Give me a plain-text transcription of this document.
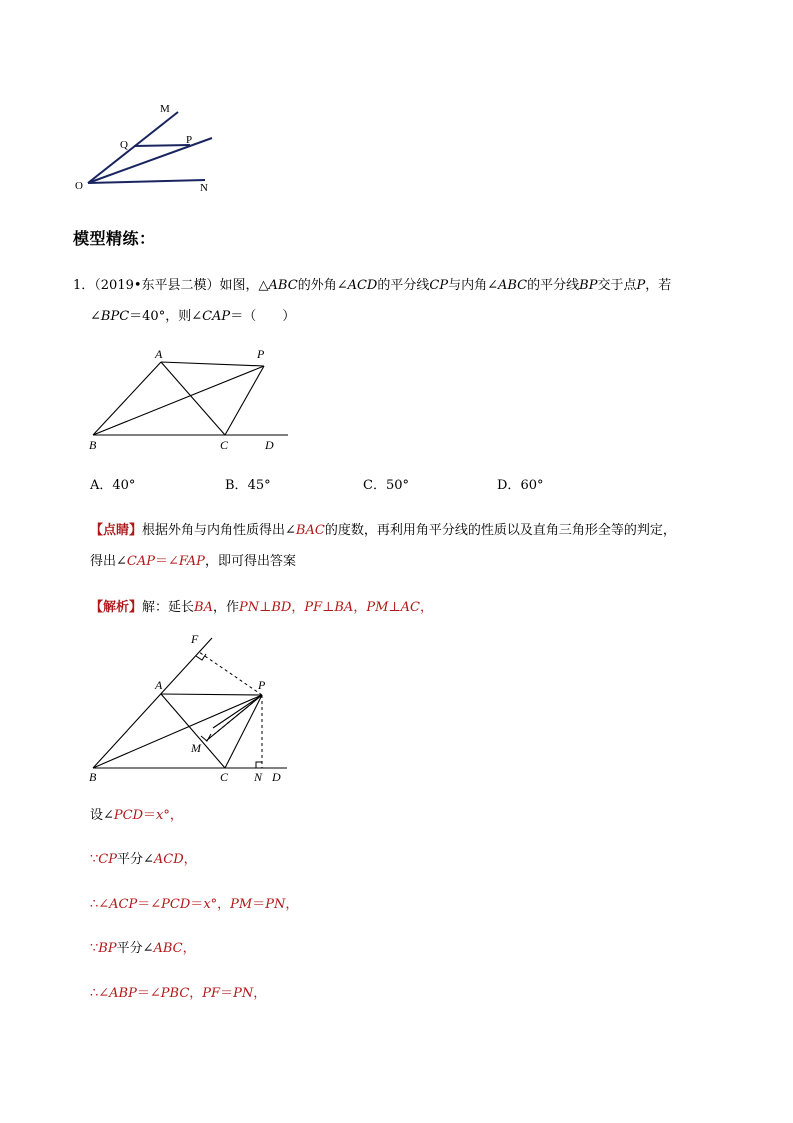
M
Q	P
O	N
模型精练：
1．（2019•东平县二模）如图，△ABC的外角∠ACD的平分线CP与内角∠ABC的平分线BP交于点P，若
∠BPC＝40°，则∠CAP＝（　　）
A	P
B	C	D
A．40°	B．45°	C．50°	D．60°
【点睛】根据外角与内角性质得出∠BAC的度数，再利用角平分线的性质以及直角三角形全等的判定，
得出∠CAP＝∠FAP，即可得出答案
【解析】解：延长BA，作PN⊥BD，PF⊥BA，PM⊥AC，
F
A	P
M
B	C N D
设∠PCD＝x°，
∵CP平分∠ACD，
∴∠ACP＝∠PCD＝x°，PM＝PN，
∵BP平分∠ABC，
∴∠ABP＝∠PBC，PF＝PN，
